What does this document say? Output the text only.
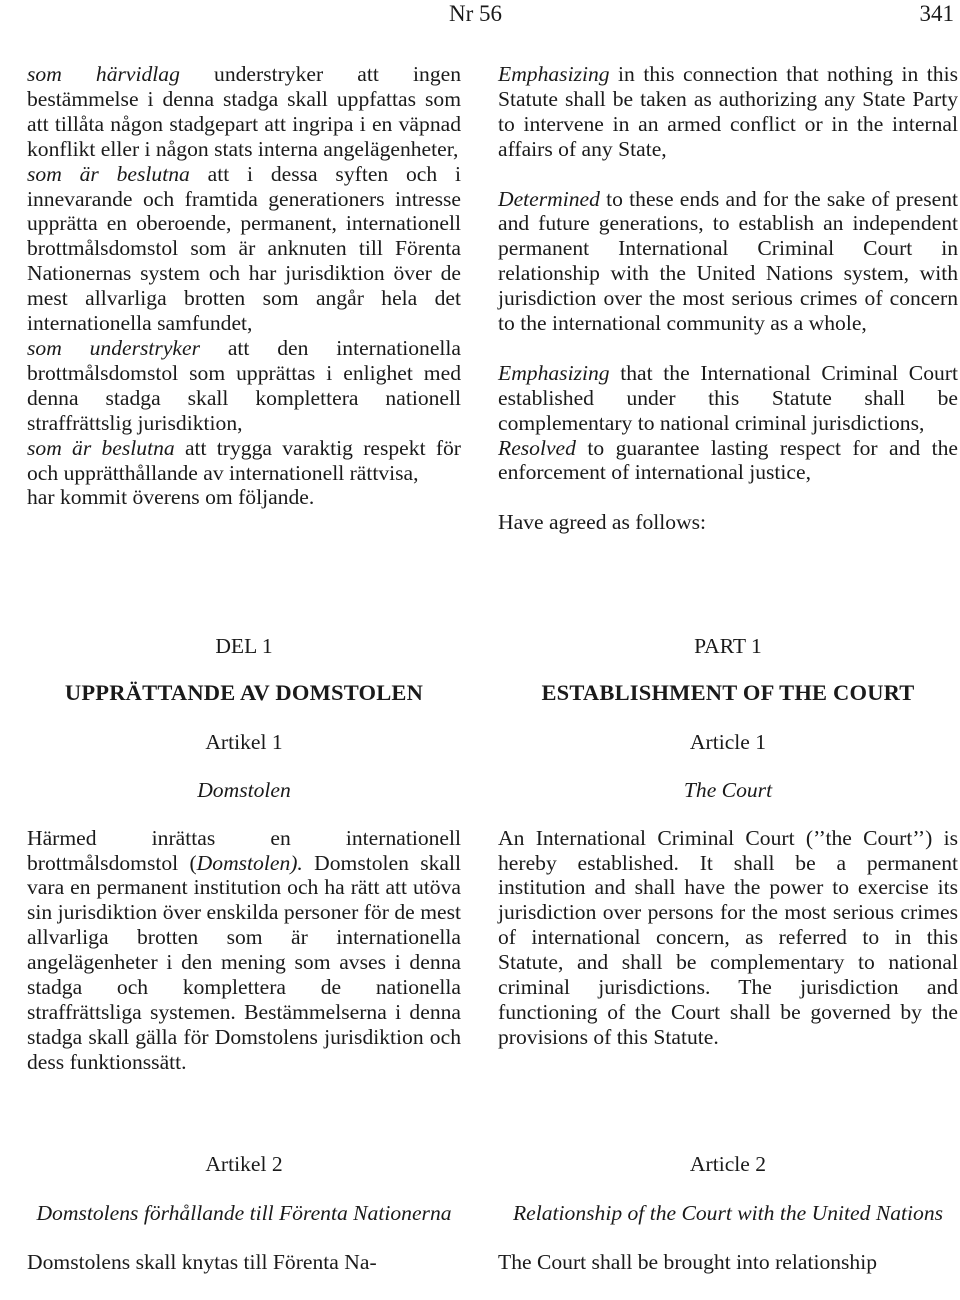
Nr 56	341

som härvidlag understryker att ingen bestämmelse i denna stadga skall uppfattas som att tillåta någon stadgepart att ingripa i en väpnad konflikt eller i någon stats interna angelägenheter,

som är beslutna att i dessa syften och i innevarande och framtida generationers intresse upprätta en oberoende, permanent, internationell brottmålsdomstol som är anknuten till Förenta Nationernas system och har jurisdiktion över de mest allvarliga brotten som angår hela det internationella samfundet,

som understryker att den internationella brottmålsdomstol som upprättas i enlighet med denna stadga skall komplettera nationell straffrättslig jurisdiktion,

som är beslutna att trygga varaktig respekt för och upprätthållande av internationell rättvisa,

har kommit överens om följande.

Emphasizing in this connection that nothing in this Statute shall be taken as authorizing any State Party to intervene in an armed conflict or in the internal affairs of any State,

Determined to these ends and for the sake of present and future generations, to establish an independent permanent International Criminal Court in relationship with the United Nations system, with jurisdiction over the most serious crimes of concern to the international community as a whole,

Emphasizing that the International Criminal Court established under this Statute shall be complementary to national criminal jurisdictions,

Resolved to guarantee lasting respect for and the enforcement of international justice,

Have agreed as follows:

DEL 1

UPPRÄTTANDE AV DOMSTOLEN

Artikel 1

Domstolen

Härmed inrättas en internationell brottmålsdomstol (Domstolen). Domstolen skall vara en permanent institution och ha rätt att utöva sin jurisdiktion över enskilda personer för de mest allvarliga brotten som är internationella angelägenheter i den mening som avses i denna stadga och komplettera de nationella straffrättsliga systemen. Bestämmelserna i denna stadga skall gälla för Domstolens jurisdiktion och dess funktionssätt.

PART 1

ESTABLISHMENT OF THE COURT

Article 1

The Court

An International Criminal Court (’’the Court’’) is hereby established. It shall be a permanent institution and shall have the power to exercise its jurisdiction over persons for the most serious crimes of international concern, as referred to in this Statute, and shall be complementary to national criminal jurisdictions. The jurisdiction and functioning of the Court shall be governed by the provisions of this Statute.

Artikel 2

Domstolens förhållande till Förenta Nationerna

Domstolens skall knytas till Förenta Na-

Article 2

Relationship of the Court with the United Nations

The Court shall be brought into relationship
